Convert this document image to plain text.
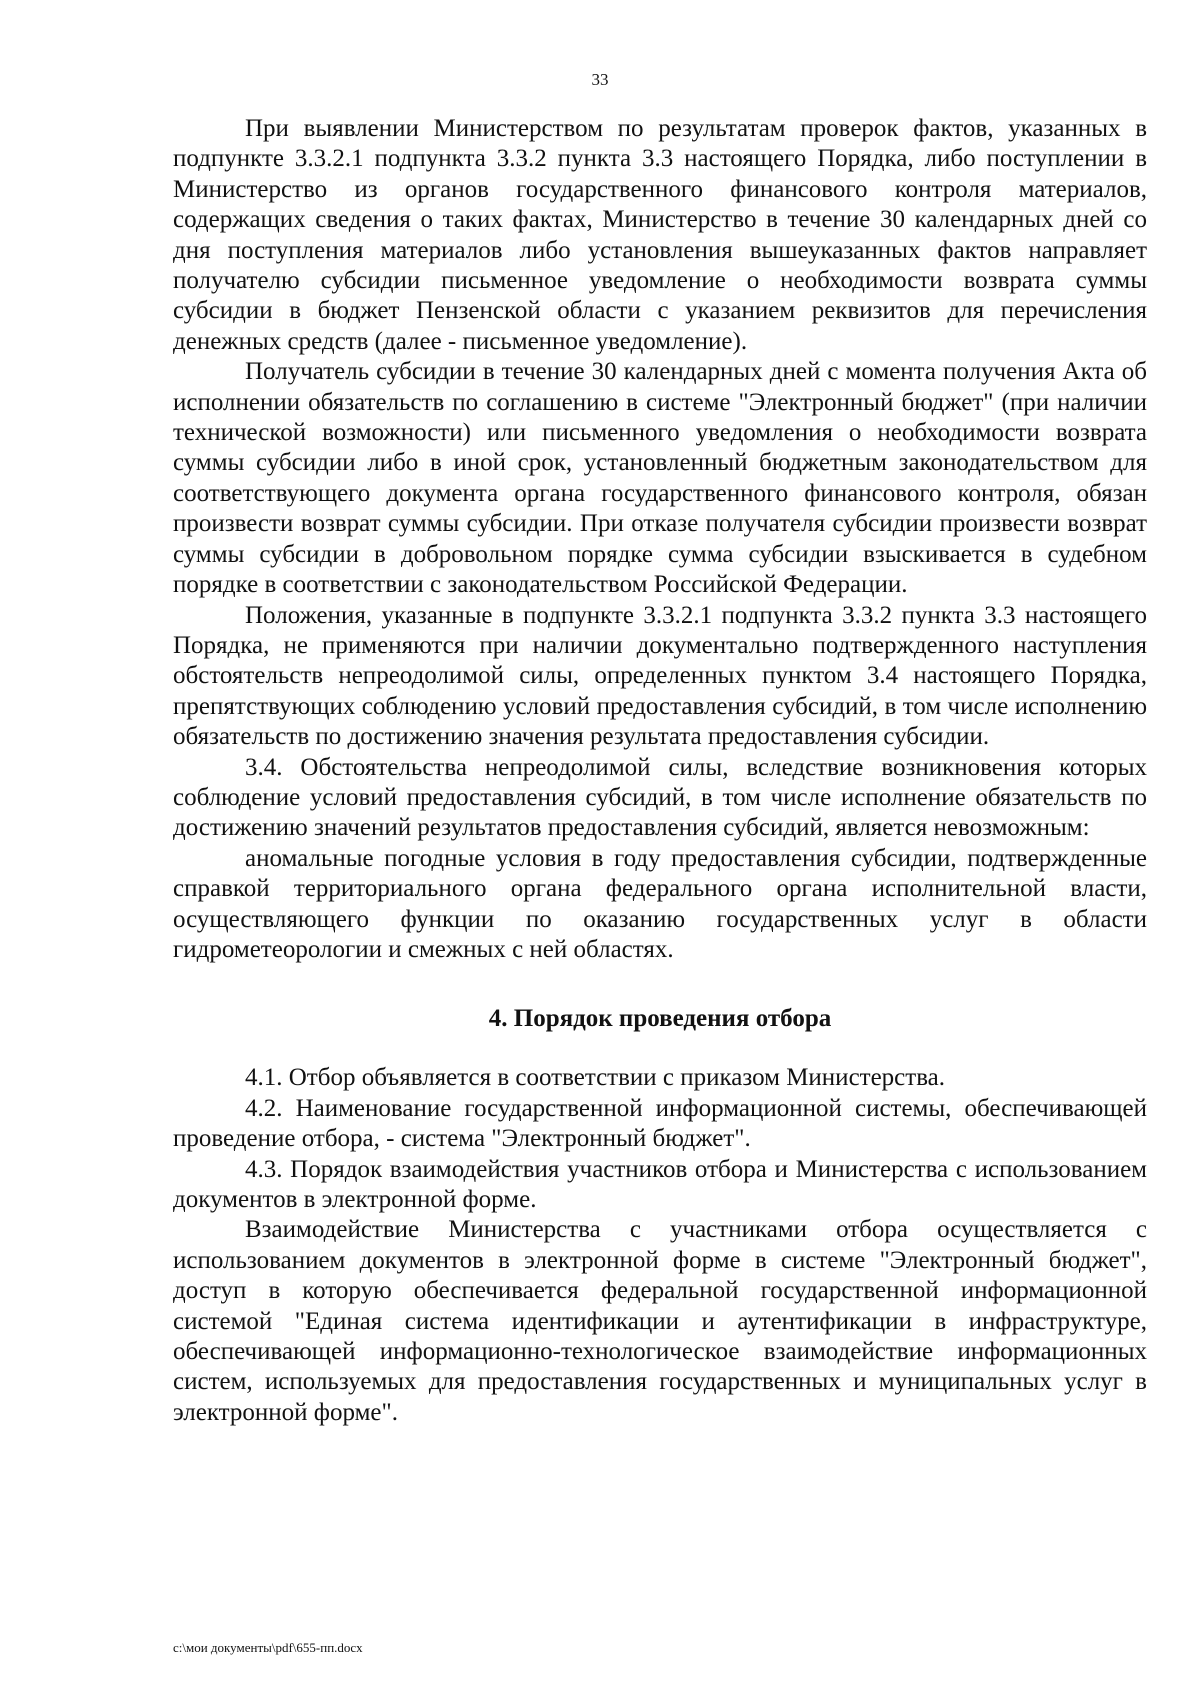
33

При выявлении Министерством по результатам проверок фактов, указанных в подпункте 3.3.2.1 подпункта 3.3.2 пункта 3.3 настоящего Порядка, либо поступлении в Министерство из органов государственного финансового контроля материалов, содержащих сведения о таких фактах, Министерство в течение 30 календарных дней со дня поступления материалов либо установления вышеуказанных фактов направляет получателю субсидии письменное уведомление о необходимости возврата суммы субсидии в бюджет Пензенской области с указанием реквизитов для перечисления денежных средств (далее - письменное уведомление).

Получатель субсидии в течение 30 календарных дней с момента получения Акта об исполнении обязательств по соглашению в системе "Электронный бюджет" (при наличии технической возможности) или письменного уведомления о необходимости возврата суммы субсидии либо в иной срок, установленный бюджетным законодательством для соответствующего документа органа государственного финансового контроля, обязан произвести возврат суммы субсидии. При отказе получателя субсидии произвести возврат суммы субсидии в добровольном порядке сумма субсидии взыскивается в судебном порядке в соответствии с законодательством Российской Федерации.

Положения, указанные в подпункте 3.3.2.1 подпункта 3.3.2 пункта 3.3 настоящего Порядка, не применяются при наличии документально подтвержденного наступления обстоятельств непреодолимой силы, определенных пунктом 3.4 настоящего Порядка, препятствующих соблюдению условий предоставления субсидий, в том числе исполнению обязательств по достижению значения результата предоставления субсидии.

3.4. Обстоятельства непреодолимой силы, вследствие возникновения которых соблюдение условий предоставления субсидий, в том числе исполнение обязательств по достижению значений результатов предоставления субсидий, является невозможным:

аномальные погодные условия в году предоставления субсидии, подтвержденные справкой территориального органа федерального органа исполнительной власти, осуществляющего функции по оказанию государственных услуг в области гидрометеорологии и смежных с ней областях.

4. Порядок проведения отбора

4.1. Отбор объявляется в соответствии с приказом Министерства.

4.2. Наименование государственной информационной системы, обеспечивающей проведение отбора, - система "Электронный бюджет".

4.3. Порядок взаимодействия участников отбора и Министерства с использованием документов в электронной форме.

Взаимодействие Министерства с участниками отбора осуществляется с использованием документов в электронной форме в системе "Электронный бюджет", доступ в которую обеспечивается федеральной государственной информационной системой "Единая система идентификации и аутентификации в инфраструктуре, обеспечивающей информационно-технологическое взаимодействие информационных систем, используемых для предоставления государственных и муниципальных услуг в электронной форме".

c:\мои документы\pdf\655-пп.docx
